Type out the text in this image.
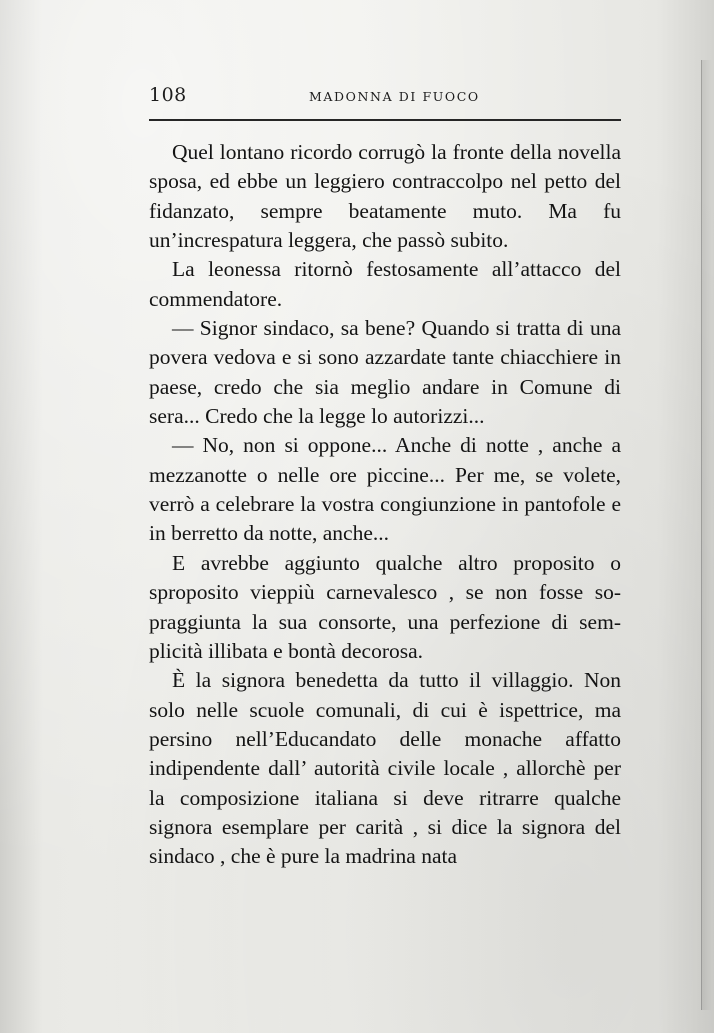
108	MADONNA DI FUOCO

Quel lontano ricordo corrugò la fronte della novella sposa, ed ebbe un leggiero contraccolpo nel petto del fidanzato, sempre beatamente muto. Ma fu un’increspatura leggera, che passò subito.

La leonessa ritornò festosamente all’attacco del commendatore.

— Signor sindaco, sa bene? Quando si tratta di una povera vedova e si sono azzardate tante chiacchiere in paese, credo che sia meglio andare in Comune di sera... Credo che la legge lo autorizzi...

— No, non si oppone... Anche di notte , anche a mezzanotte o nelle ore piccine... Per me, se volete, verrò a celebrare la vostra congiunzione in pantofole e in berretto da notte, anche...

E avrebbe aggiunto qualche altro proposito o sproposito vieppiù carnevalesco , se non fosse sopraggiunta la sua consorte, una perfezione di semplicità illibata e bontà decorosa.

È la signora benedetta da tutto il villaggio. Non solo nelle scuole comunali, di cui è ispettrice, ma persino nell’Educandato delle monache affatto indipendente dall’ autorità civile locale , allorchè per la composizione italiana si deve ritrarre qualche signora esemplare per carità , si dice la signora del sindaco , che è pure la madrina nata
